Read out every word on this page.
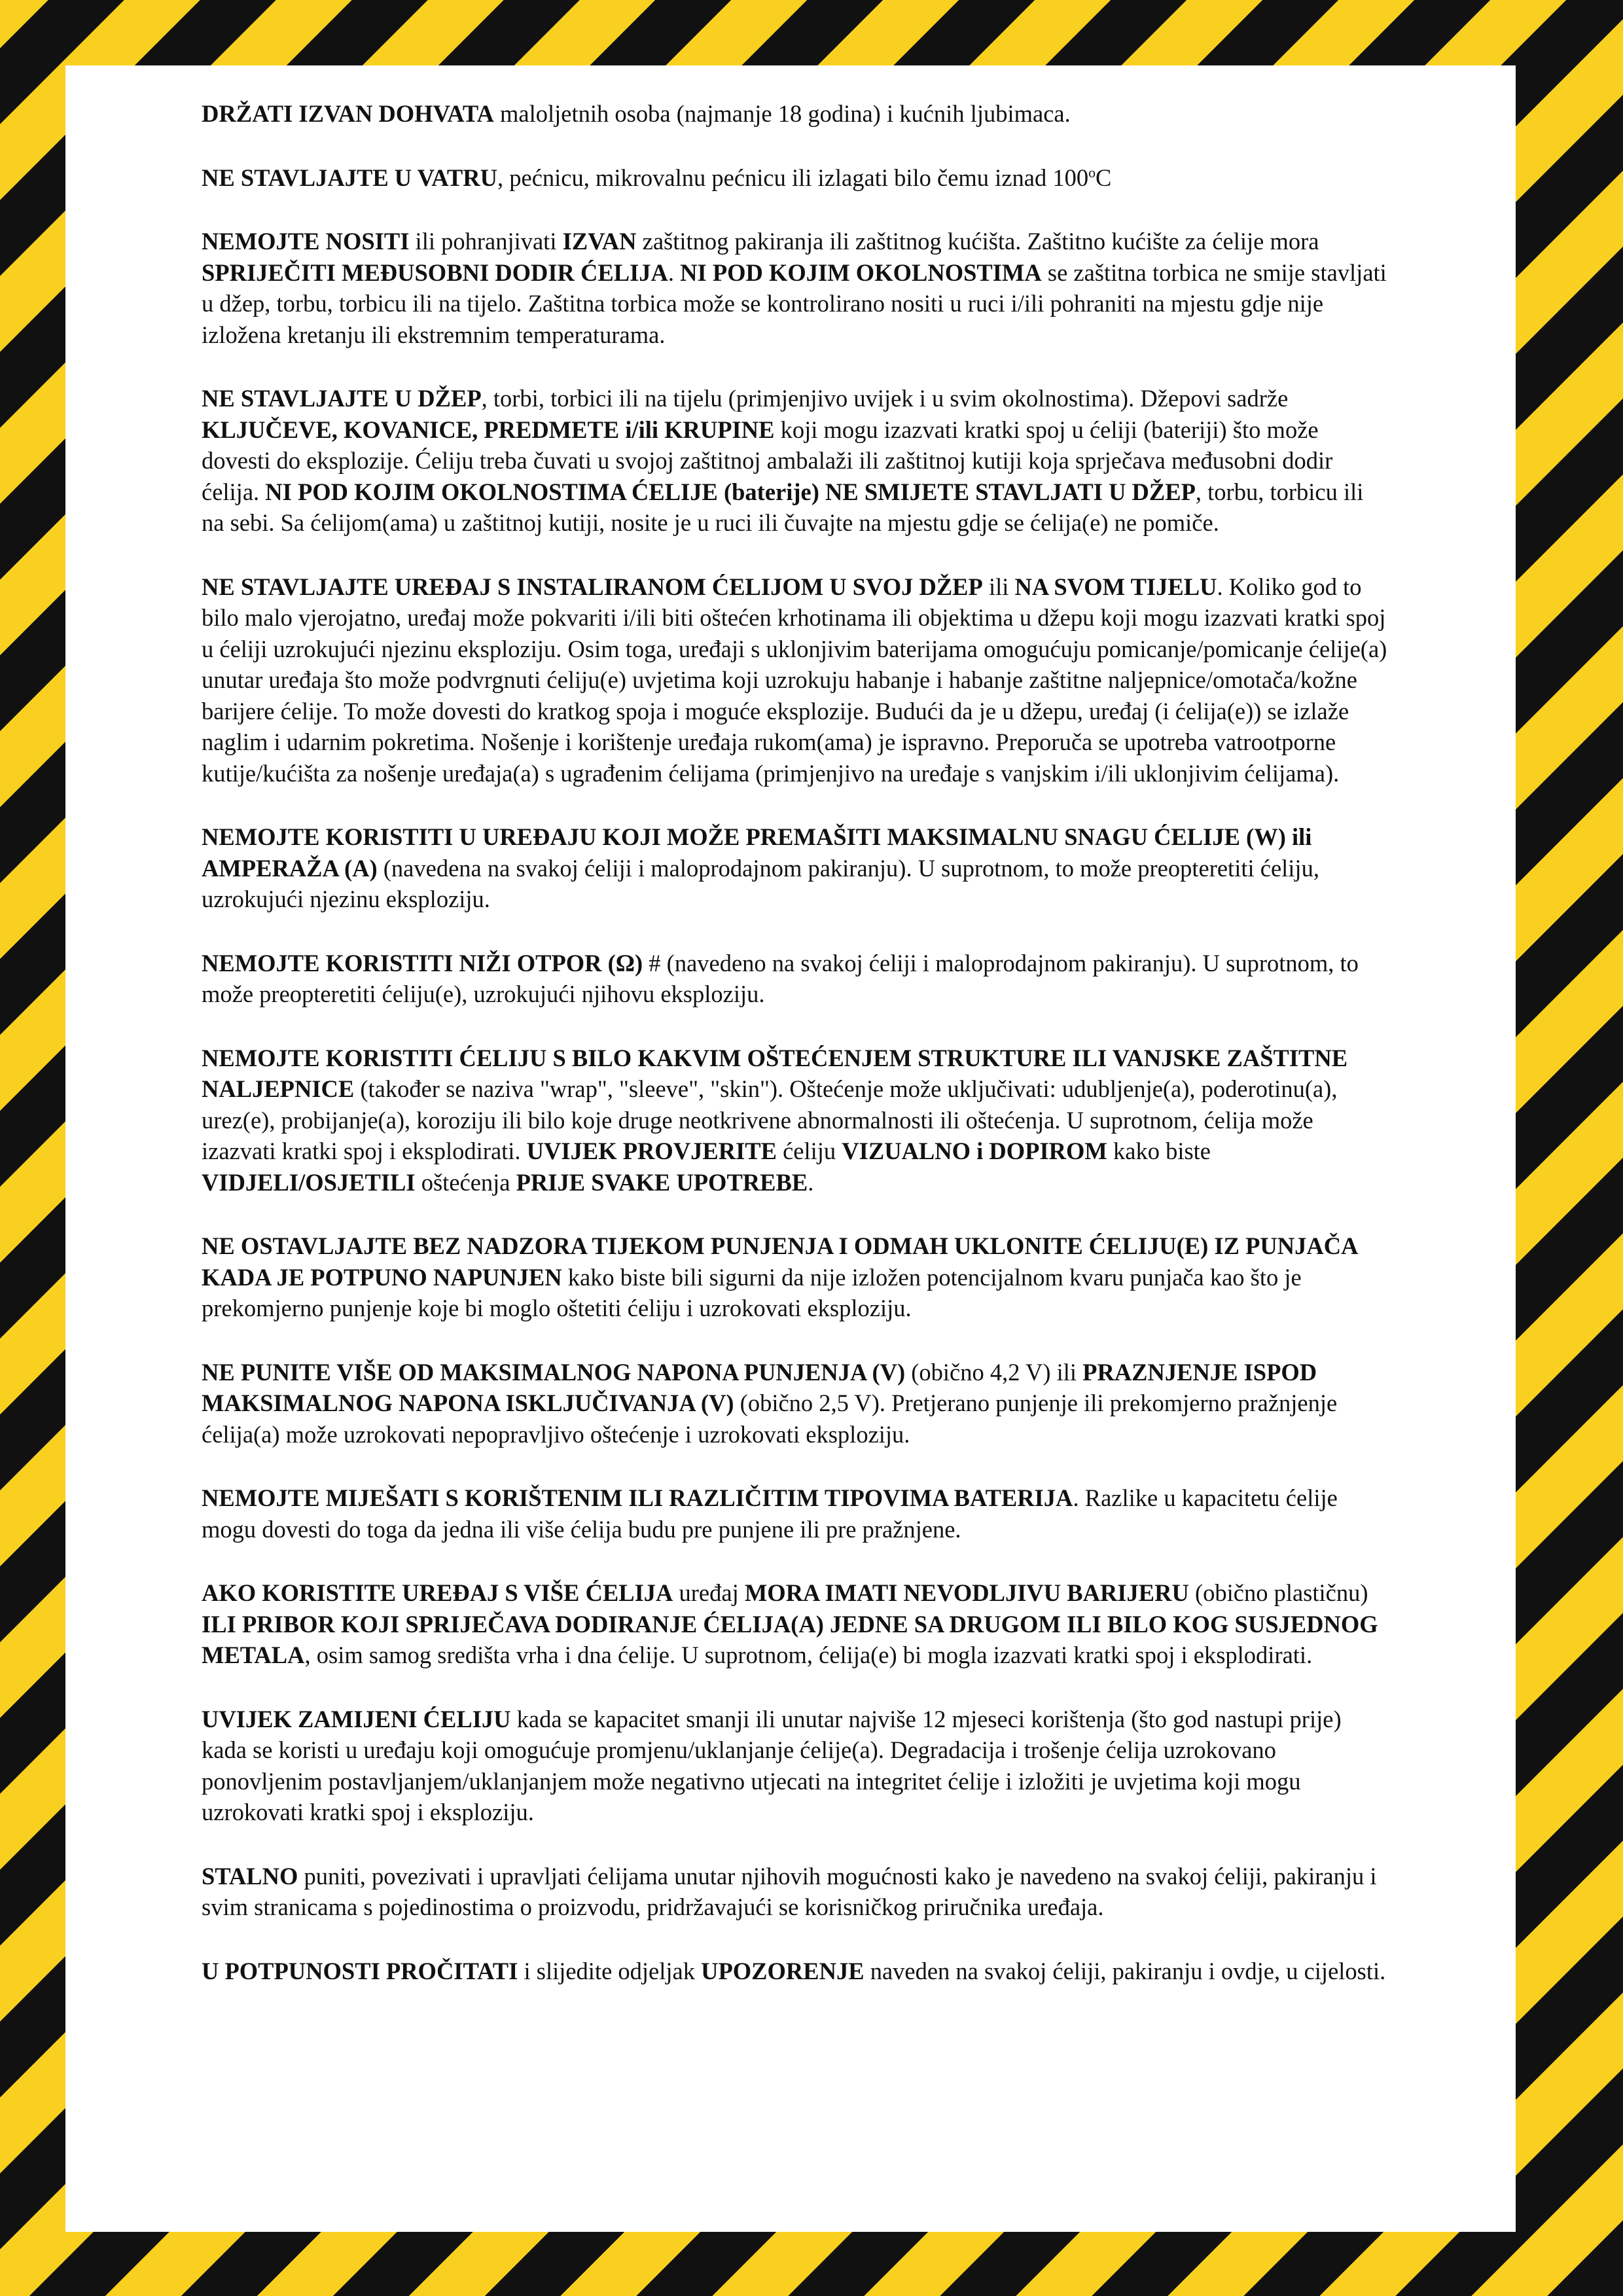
DRŽATI IZVAN DOHVATA maloljetnih osoba (najmanje 18 godina) i kućnih ljubimaca.

NE STAVLJAJTE U VATRU, pećnicu, mikrovalnu pećnicu ili izlagati bilo čemu iznad 100$^o$C

NEMOJTE NOSITI ili pohranjivati IZVAN zaštitnog pakiranja ili zaštitnog kućišta. Zaštitno kućište za ćelije mora SPRIJEČITI MEĐUSOBNI DODIR ĆELIJA. NI POD KOJIM OKOLNOSTIMA se zaštitna torbica ne smije stavljati u džep, torbu, torbicu ili na tijelo. Zaštitna torbica može se kontrolirano nositi u ruci i/ili pohraniti na mjestu gdje nije izložena kretanju ili ekstremnim temperaturama.

NE STAVLJAJTE U DŽEP, torbi, torbici ili na tijelu (primjenjivo uvijek i u svim okolnostima). Džepovi sadrže KLJUČEVE, KOVANICE, PREDMETE i/ili KRUPINE koji mogu izazvati kratki spoj u ćeliji (bateriji) što može dovesti do eksplozije. Ćeliju treba čuvati u svojoj zaštitnoj ambalaži ili zaštitnoj kutiji koja sprječava međusobni dodir ćelija. NI POD KOJIM OKOLNOSTIMA ĆELIJE (baterije) NE SMIJETE STAVLJATI U DŽEP, torbu, torbicu ili na sebi. Sa ćelijom(ama) u zaštitnoj kutiji, nosite je u ruci ili čuvajte na mjestu gdje se ćelija(e) ne pomiče.

NE STAVLJAJTE UREĐAJ S INSTALIRANOM ĆELIJOM U SVOJ DŽEP ili NA SVOM TIJELU. Koliko god to bilo malo vjerojatno, uređaj može pokvariti i/ili biti oštećen krhotinama ili objektima u džepu koji mogu izazvati kratki spoj u ćeliji uzrokujući njezinu eksploziju. Osim toga, uređaji s uklonjivim baterijama omogućuju pomicanje/pomicanje ćelije(a) unutar uređaja što može podvrgnuti ćeliju(e) uvjetima koji uzrokuju habanje i habanje zaštitne naljepnice/omotača/kožne barijere ćelije. To može dovesti do kratkog spoja i moguće eksplozije. Budući da je u džepu, uređaj (i ćelija(e)) se izlaže naglim i udarnim pokretima. Nošenje i korištenje uređaja rukom(ama) je ispravno. Preporuča se upotreba vatrootporne kutije/kućišta za nošenje uređaja(a) s ugrađenim ćelijama (primjenjivo na uređaje s vanjskim i/ili uklonjivim ćelijama).

NEMOJTE KORISTITI U UREĐAJU KOJI MOŽE PREMAŠITI MAKSIMALNU SNAGU ĆELIJE (W) ili AMPERAŽA (A) (navedena na svakoj ćeliji i maloprodajnom pakiranju). U suprotnom, to može preopteretiti ćeliju, uzrokujući njezinu eksploziju.

NEMOJTE KORISTITI NIŽI OTPOR (Ω) # (navedeno na svakoj ćeliji i maloprodajnom pakiranju). U suprotnom, to može preopteretiti ćeliju(e), uzrokujući njihovu eksploziju.

NEMOJTE KORISTITI ĆELIJU S BILO KAKVIM OŠTEĆENJEM STRUKTURE ILI VANJSKE ZAŠTITNE NALJEPNICE (također se naziva "wrap", "sleeve", "skin"). Oštećenje može uključivati: udubljenje(a), poderotinu(a), urez(e), probijanje(a), koroziju ili bilo koje druge neotkrivene abnormalnosti ili oštećenja. U suprotnom, ćelija može izazvati kratki spoj i eksplodirati. UVIJEK PROVJERITE ćeliju VIZUALNO i DOPIROM kako biste VIDJELI/OSJETILI oštećenja PRIJE SVAKE UPOTREBE.

NE OSTAVLJAJTE BEZ NADZORA TIJEKOM PUNJENJA I ODMAH UKLONITE ĆELIJU(E) IZ PUNJAČA KADA JE POTPUNO NAPUNJEN kako biste bili sigurni da nije izložen potencijalnom kvaru punjača kao što je prekomjerno punjenje koje bi moglo oštetiti ćeliju i uzrokovati eksploziju.

NE PUNITE VIŠE OD MAKSIMALNOG NAPONA PUNJENJA (V) (obično 4,2 V) ili PRAZNJENJE ISPOD MAKSIMALNOG NAPONA ISKLJUČIVANJA (V) (obično 2,5 V). Pretjerano punjenje ili prekomjerno pražnjenje ćelija(a) može uzrokovati nepopravljivo oštećenje i uzrokovati eksploziju.

NEMOJTE MIJEŠATI S KORIŠTENIM ILI RAZLIČITIM TIPOVIMA BATERIJA. Razlike u kapacitetu ćelije mogu dovesti do toga da jedna ili više ćelija budu pre punjene ili pre pražnjene.

AKO KORISTITE UREĐAJ S VIŠE ĆELIJA uređaj MORA IMATI NEVODLJIVU BARIJERU (obično plastičnu) ILI PRIBOR KOJI SPRIJEČAVA DODIRANJE ĆELIJA(A) JEDNE SA DRUGOM ILI BILO KOG SUSJEDNOG METALA, osim samog središta vrha i dna ćelije. U suprotnom, ćelija(e) bi mogla izazvati kratki spoj i eksplodirati.

UVIJEK ZAMIJENI ĆELIJU kada se kapacitet smanji ili unutar najviše 12 mjeseci korištenja (što god nastupi prije) kada se koristi u uređaju koji omogućuje promjenu/uklanjanje ćelije(a). Degradacija i trošenje ćelija uzrokovano ponovljenim postavljanjem/uklanjanjem može negativno utjecati na integritet ćelije i izložiti je uvjetima koji mogu uzrokovati kratki spoj i eksploziju.

STALNO puniti, povezivati i upravljati ćelijama unutar njihovih mogućnosti kako je navedeno na svakoj ćeliji, pakiranju i svim stranicama s pojedinostima o proizvodu, pridržavajući se korisničkog priručnika uređaja.

U POTPUNOSTI PROČITATI i slijedite odjeljak UPOZORENJE naveden na svakoj ćeliji, pakiranju i ovdje, u cijelosti.
